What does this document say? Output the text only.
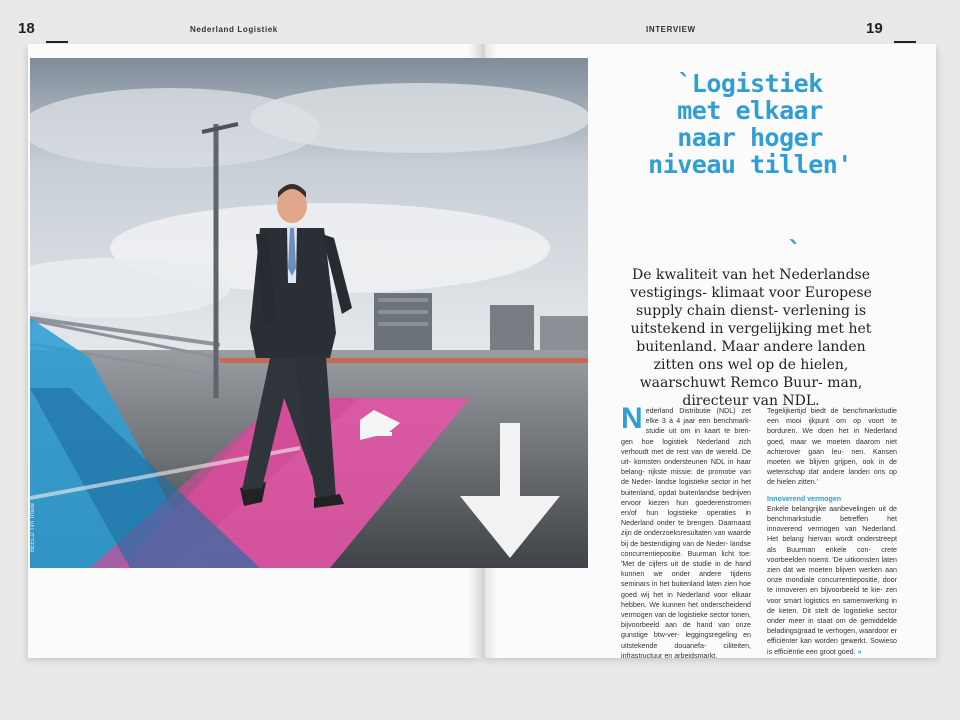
18	Nederland Logistiek	INTERVIEW	19
BEELD Tim Trouw
`Logistiek
met elkaar
naar hoger
niveau tillen'
`
De kwaliteit van het Nederlandse vestigings- klimaat voor Europese supply chain dienst- verlening is uitstekend in vergelijking met het buitenland. Maar andere landen zitten ons wel op de hielen, waarschuwt Remco Buur- man, directeur van NDL.

Nederland Distributie (NDL) zet elke 3 à 4 jaar een benchmark- studie uit om in kaart te bren- gen hoe logistiek Nederland zich verhoudt met de rest van de wereld. De uit- komsten ondersteunen NDL in haar belang- rijkste missie: de promotie van de Neder- landse logistieke sector in het buitenland, opdat buitenlandse bedrijven ervoor kiezen hun goederenstromen en/of hun logistieke operaties in Nederland onder te brengen. Daarnaast zijn de onderzoeksresultaten van waarde bij de bestendiging van de Neder- landse concurrentiepositie. Buurman licht toe: 'Met de cijfers uit de studie in de hand kunnen we onder andere tijdens seminars in het buitenland laten zien hoe goed wij het in Nederland voor elkaar hebben. We kunnen het onderscheidend vermogen van de logistieke sector tonen, bijvoorbeeld aan de hand van onze gunstige btw-ver- leggingsregeling en uitstekende douanefa- ciliteiten, infrastructuur en arbeidsmarkt.

Tegelijkertijd biedt de benchmarkstudie een mooi ijkpunt om op voort te borduren. We doen het in Nederland goed, maar we moeten daarom niet achterover gaan leu- nen. Kansen moeten we blijven grijpen, ook in de wetenschap dat andere landen ons op de hielen zitten.'

Innoverend vermogen

Enkele belangrijke aanbevelingen uit de benchmarkstudie betreffen het innoverend vermogen van Nederland. Het belang hiervan wordt onderstreept als Buurman enkele con- crete voorbeelden noemt. 'De uitkomsten laten zien dat we moeten blijven werken aan onze mondiale concurrentiepositie, door te innoveren en bijvoorbeeld te kie- zen voor smart logistics en samenwerking in de keten. Dit stelt de logistieke sector onder meer in staat om de gemiddelde beladingsgraad te verhogen, waardoor er efficiënter kan worden gewerkt. Sowieso is efficiëntie een groot goed. »
